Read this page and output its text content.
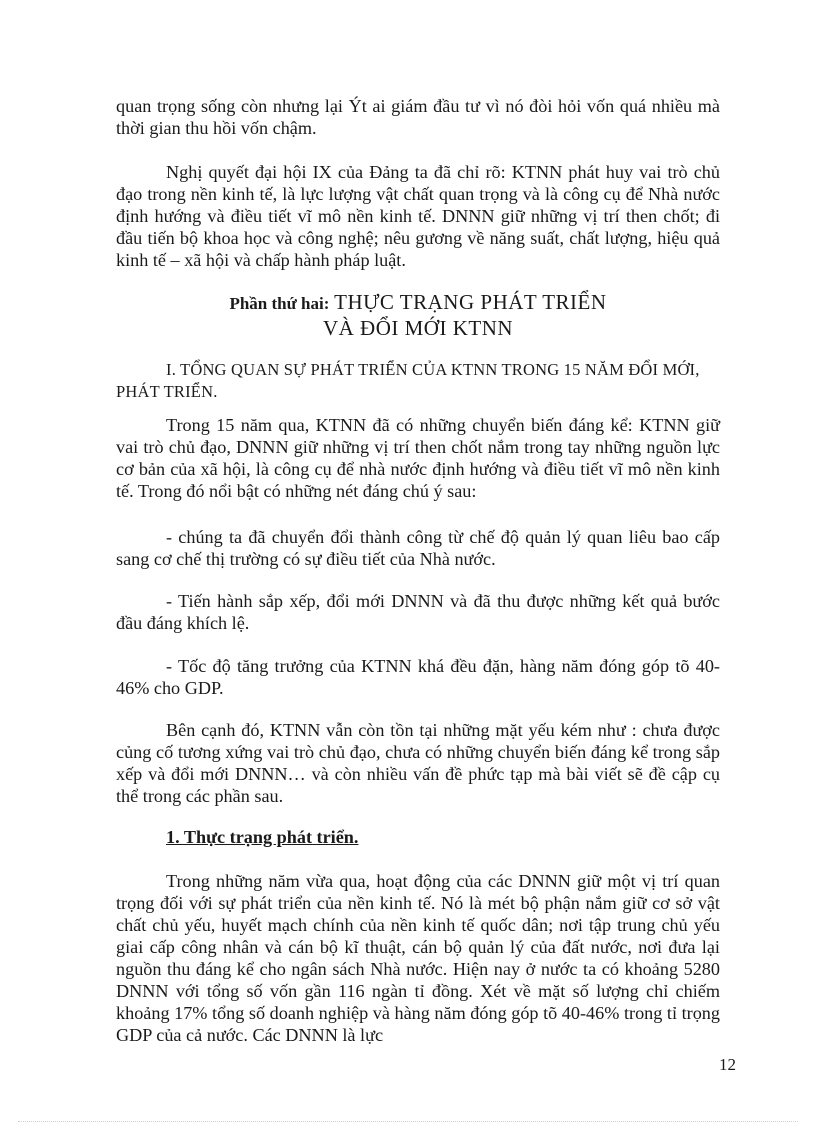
quan trọng sống còn nhưng lại Ýt ai giám đầu tư vì nó đòi hỏi vốn quá nhiều mà thời gian thu hồi vốn chậm.

Nghị quyết đại hội IX của Đảng ta đã chỉ rõ: KTNN phát huy vai trò chủ đạo trong nền kinh tế, là lực lượng vật chất quan trọng và là công cụ để Nhà nước định hướng và điều tiết vĩ mô nền kinh tế. DNNN giữ những vị trí then chốt; đi đầu tiến bộ khoa học và công nghệ; nêu gương về năng suất, chất lượng, hiệu quả kinh tế – xã hội và chấp hành pháp luật.

Phần thứ hai: THỰC TRẠNG PHÁT TRIỂN
VÀ ĐỔI MỚI KTNN

I. TỔNG QUAN SỰ PHÁT TRIỂN CỦA KTNN TRONG 15 NĂM ĐỔI MỚI, PHÁT TRIỂN.

Trong 15 năm qua, KTNN đã có những chuyển biến đáng kể: KTNN giữ vai trò chủ đạo, DNNN giữ những vị trí then chốt nắm trong tay những nguồn lực cơ bản của xã hội, là công cụ để nhà nước định hướng và điều tiết vĩ mô nền kinh tế. Trong đó nổi bật có những nét đáng chú ý sau:

- chúng ta đã chuyển đổi thành công từ chế độ quản lý quan liêu bao cấp sang cơ chế thị trường có sự điều tiết của Nhà nước.

- Tiến hành sắp xếp, đổi mới DNNN và đã thu được những kết quả bước đầu đáng khích lệ.

- Tốc độ tăng trưởng của KTNN khá đều đặn, hàng năm đóng góp tõ 40-46% cho GDP.

Bên cạnh đó, KTNN vẫn còn tồn tại những mặt yếu kém như : chưa được củng cố tương xứng vai trò chủ đạo, chưa có những chuyển biến đáng kể trong sắp xếp và đổi mới DNNN… và còn nhiều vấn đề phức tạp mà bài viết sẽ đề cập cụ thể trong các phần sau.

1. Thực trạng phát triển.

Trong những năm vừa qua, hoạt động của các DNNN giữ một vị trí quan trọng đối với sự phát triển của nền kinh tế. Nó là mét bộ phận nắm giữ cơ sở vật chất chủ yếu, huyết mạch chính của nền kinh tế quốc dân; nơi tập trung chủ yếu giai cấp công nhân và cán bộ kĩ thuật, cán bộ quản lý của đất nước, nơi đưa lại nguồn thu đáng kể cho ngân sách Nhà nước. Hiện nay ở nước ta có khoảng 5280 DNNN với tổng số vốn gần 116 ngàn tỉ đồng. Xét về mặt số lượng chỉ chiếm khoảng 17% tổng số doanh nghiệp và hàng năm đóng góp tõ 40-46% trong tỉ trọng GDP của cả nước. Các DNNN là lực

12
